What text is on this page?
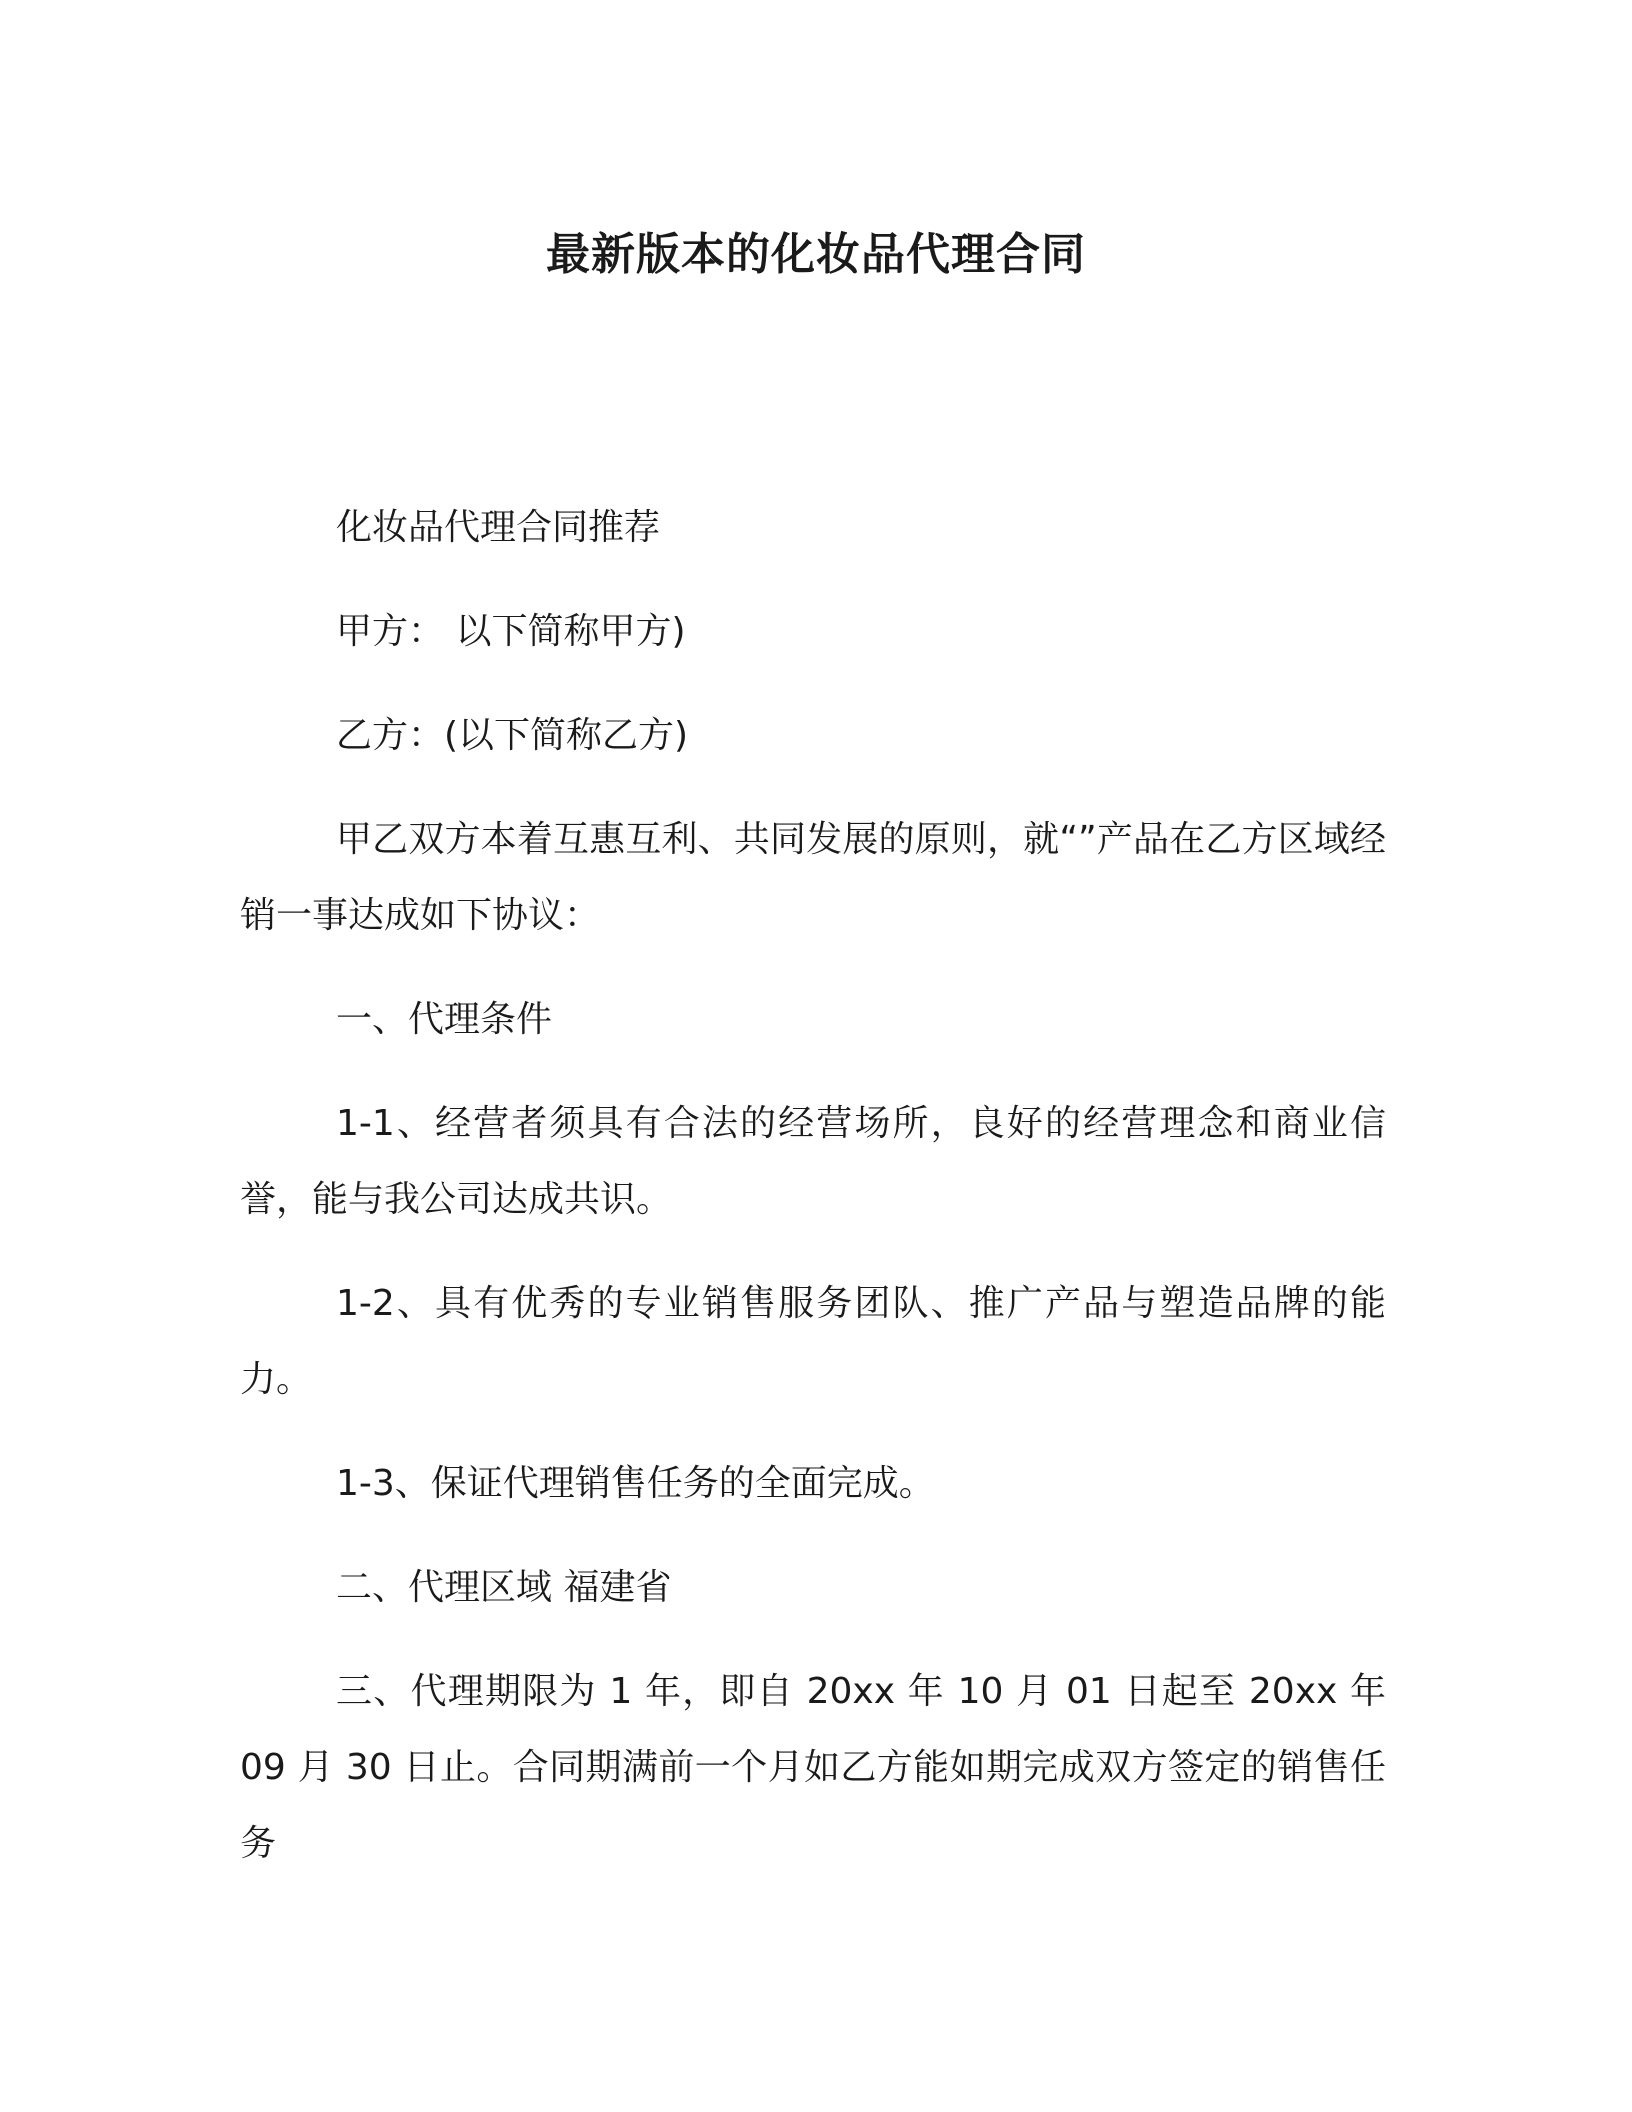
最新版本的化妆品代理合同

化妆品代理合同推荐

甲方： 以下简称甲方)

乙方：(以下简称乙方)

甲乙双方本着互惠互利、共同发展的原则，就“”产品在乙方区域经销一事达成如下协议：

一、代理条件

1-1、经营者须具有合法的经营场所，良好的经营理念和商业信誉，能与我公司达成共识。

1-2、具有优秀的专业销售服务团队、推广产品与塑造品牌的能力。

1-3、保证代理销售任务的全面完成。

二、代理区域 福建省

三、代理期限为 1 年，即自 20xx 年 10 月 01 日起至 20xx 年 09 月 30 日止。合同期满前一个月如乙方能如期完成双方签定的销售任务
